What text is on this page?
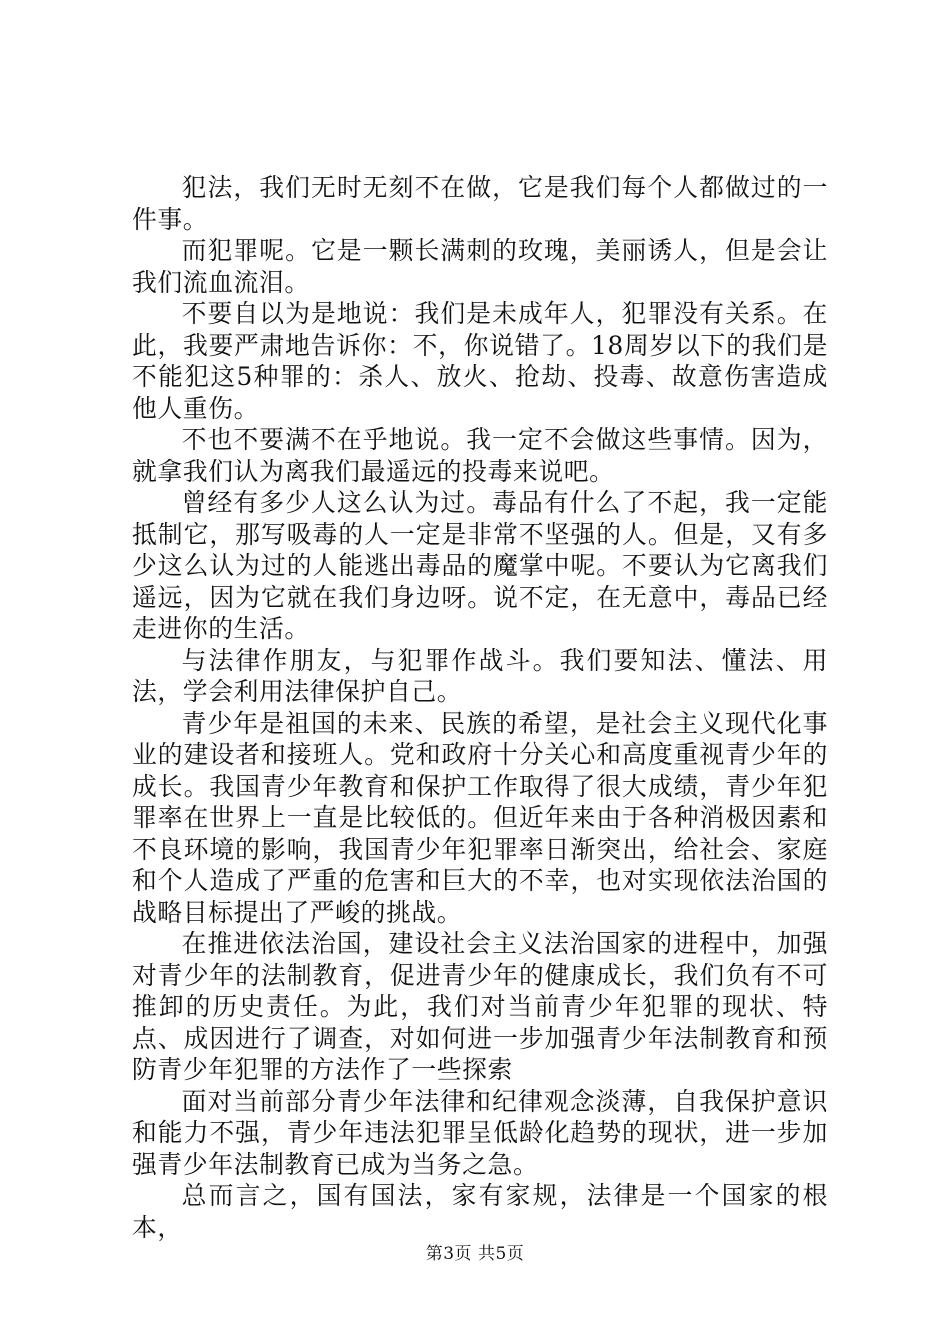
犯法，我们无时无刻不在做，它是我们每个人都做过的一件事。

而犯罪呢。它是一颗长满刺的玫瑰，美丽诱人，但是会让我们流血流泪。

不要自以为是地说：我们是未成年人，犯罪没有关系。在此，我要严肃地告诉你：不，你说错了。18周岁以下的我们是不能犯这5种罪的：杀人、放火、抢劫、投毒、故意伤害造成他人重伤。

不也不要满不在乎地说。我一定不会做这些事情。因为，就拿我们认为离我们最遥远的投毒来说吧。

曾经有多少人这么认为过。毒品有什么了不起，我一定能抵制它，那写吸毒的人一定是非常不坚强的人。但是，又有多少这么认为过的人能逃出毒品的魔掌中呢。不要认为它离我们遥远，因为它就在我们身边呀。说不定，在无意中，毒品已经走进你的生活。

与法律作朋友，与犯罪作战斗。我们要知法、懂法、用法，学会利用法律保护自己。

青少年是祖国的未来、民族的希望，是社会主义现代化事业的建设者和接班人。党和政府十分关心和高度重视青少年的成长。我国青少年教育和保护工作取得了很大成绩，青少年犯罪率在世界上一直是比较低的。但近年来由于各种消极因素和不良环境的影响，我国青少年犯罪率日渐突出，给社会、家庭和个人造成了严重的危害和巨大的不幸，也对实现依法治国的战略目标提出了严峻的挑战。

在推进依法治国，建设社会主义法治国家的进程中，加强对青少年的法制教育，促进青少年的健康成长，我们负有不可推卸的历史责任。为此，我们对当前青少年犯罪的现状、特点、成因进行了调查，对如何进一步加强青少年法制教育和预防青少年犯罪的方法作了一些探索

面对当前部分青少年法律和纪律观念淡薄，自我保护意识和能力不强，青少年违法犯罪呈低龄化趋势的现状，进一步加强青少年法制教育已成为当务之急。

总而言之，国有国法，家有家规，法律是一个国家的根本，

第3页 共5页
